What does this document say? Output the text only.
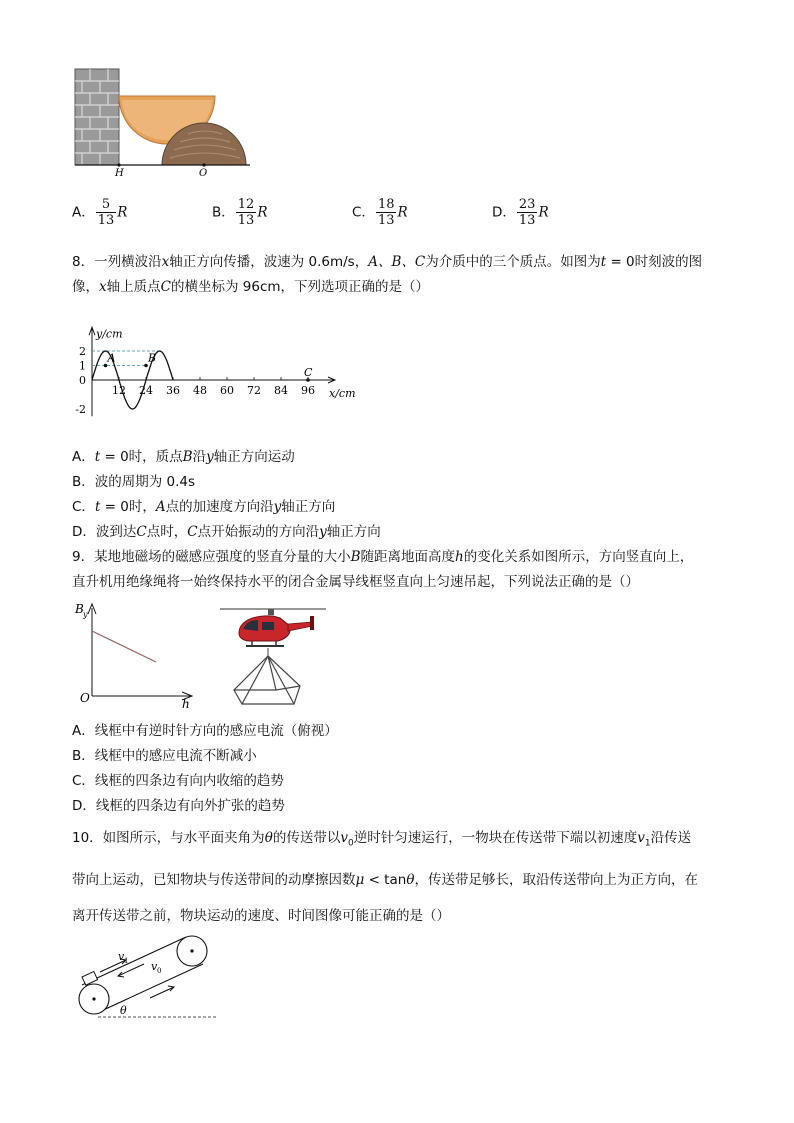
H	O
A． $\frac{5}{13}$ R	B． $\frac{12}{13}$ R	C． $\frac{18}{13}$ R	D． $\frac{23}{13}$ R
8．一列横波沿x轴正方向传播，波速为 0.6m/s，A、B、C为介质中的三个质点。如图为t = 0时刻波的图
像，x轴上质点C的横坐标为 96cm，下列选项正确的是（）
y/cm
x/cm
12 24 36 48 60 72 84 96
2
1
0
-2
A	B
C
A．t = 0时，质点B沿y轴正方向运动
B．波的周期为 0.4s
C．t = 0时，A点的加速度方向沿y轴正方向
D．波到达C点时，C点开始振动的方向沿y轴正方向
9．某地地磁场的磁感应强度的竖直分量的大小B随距离地面高度h的变化关系如图所示，方向竖直向上，
直升机用绝缘绳将一始终保持水平的闭合金属导线框竖直向上匀速吊起，下列说法正确的是（）
B y
O	h
A．线框中有逆时针方向的感应电流（俯视）
B．线框中的感应电流不断减小
C．线框的四条边有向内收缩的趋势
D．线框的四条边有向外扩张的趋势
10．如图所示，与水平面夹角为θ的传送带以$v_0$逆时针匀速运行，一物块在传送带下端以初速度$v_1$沿传送
带向上运动，已知物块与传送带间的动摩擦因数μ < tanθ，传送带足够长，取沿传送带向上为正方向，在
离开传送带之前，物块运动的速度、时间图像可能正确的是（）
v 1 v 0
θ
